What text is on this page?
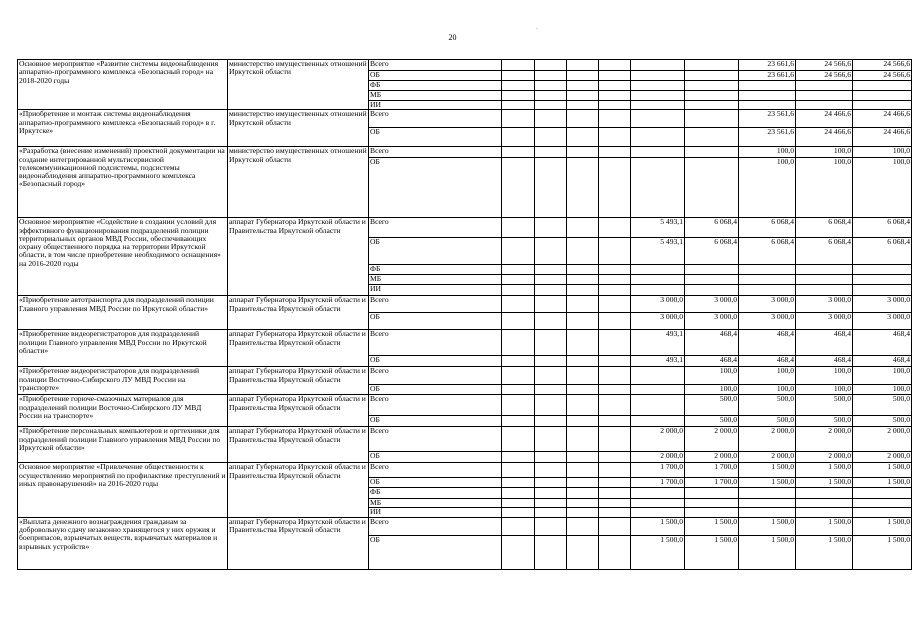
20
·
Основное мероприятие «Развитие системы видеонаблюдения аппаратно-программного комплекса «Безопасный город» на 2018-2020 годы	министерство имущественных отношений Иркутской области	Всего							23 661,6	24 566,6	24 566,6
		ОБ							23 661,6	24 566,6	24 566,6
		ФБ									
		МБ									
		ИИ									
«Приобретение и монтаж системы видеонаблюдения аппаратно-программного комплекса «Безопасный город» в г. Иркутске»	министерство имущественных отношений Иркутской области	Всего							23 561,6	24 466,6	24 466,6
		ОБ							23 561,6	24 466,6	24 466,6
«Разработка (внесение изменений) проектной документации на создание интегрированной мультисервисной телекоммуникационной подсистемы, подсистемы видеонаблюдения аппаратно-программного комплекса «Безопасный город»	министерство имущественных отношений Иркутской области	Всего							100,0	100,0	100,0
		ОБ							100,0	100,0	100,0
Основное мероприятие «Содействие в создании условий для эффективного функционирования подразделений полиции территориальных органов МВД России, обеспечивающих охрану общественного порядка на территории Иркутской области, в том числе приобретение необходимого оснащения» на 2016-2020 годы	аппарат Губернатора Иркутской области и Правительства Иркутской области	Всего					5 493,1	6 068,4	6 068,4	6 068,4	6 068,4
		ОБ					5 493,1	6 068,4	6 068,4	6 068,4	6 068,4
		ФБ									
		МБ									
		ИИ									
«Приобретение автотранспорта для подразделений полиции Главного управления МВД России по Иркутской области»	аппарат Губернатора Иркутской области и Правительства Иркутской области	Всего					3 000,0	3 000,0	3 000,0	3 000,0	3 000,0
		ОБ					3 000,0	3 000,0	3 000,0	3 000,0	3 000,0
«Приобретение видеорегистраторов для подразделений полиции Главного управления МВД России по Иркутской области»	аппарат Губернатора Иркутской области и Правительства Иркутской области	Всего					493,1	468,4	468,4	468,4	468,4
		ОБ					493,1	468,4	468,4	468,4	468,4
«Приобретение видеорегистраторов для подразделений полиции Восточно-Сибирского ЛУ МВД России на транспорте»	аппарат Губернатора Иркутской области и Правительства Иркутской области	Всего						100,0	100,0	100,0	100,0
		ОБ						100,0	100,0	100,0	100,0
«Приобретение горюче-смазочных материалов для подразделений полиции Восточно-Сибирского ЛУ МВД России на транспорте»	аппарат Губернатора Иркутской области и Правительства Иркутской области	Всего						500,0	500,0	500,0	500,0
		ОБ						500,0	500,0	500,0	500,0
«Приобретение персональных компьютеров и оргтехники для подразделений полиции Главного управления МВД России по Иркутской области»	аппарат Губернатора Иркутской области и Правительства Иркутской области	Всего					2 000,0	2 000,0	2 000,0	2 000,0	2 000,0
		ОБ					2 000,0	2 000,0	2 000,0	2 000,0	2 000,0
Основное мероприятие «Привлечение общественности к осуществлению мероприятий по профилактике преступлений и иных правонарушений» на 2016-2020 годы	аппарат Губернатора Иркутской области и Правительства Иркутской области	Всего					1 700,0	1 700,0	1 500,0	1 500,0	1 500,0
		ОБ					1 700,0	1 700,0	1 500,0	1 500,0	1 500,0
		ФБ									
		МБ									
		ИИ									
«Выплата денежного вознаграждения гражданам за добровольную сдачу незаконно хранящегося у них оружия и боеприпасов, взрывчатых веществ, взрывчатых материалов и взрывных устройств»	аппарат Губернатора Иркутской области и Правительства Иркутской области	Всего					1 500,0	1 500,0	1 500,0	1 500,0	1 500,0
		ОБ					1 500,0	1 500,0	1 500,0	1 500,0	1 500,0
